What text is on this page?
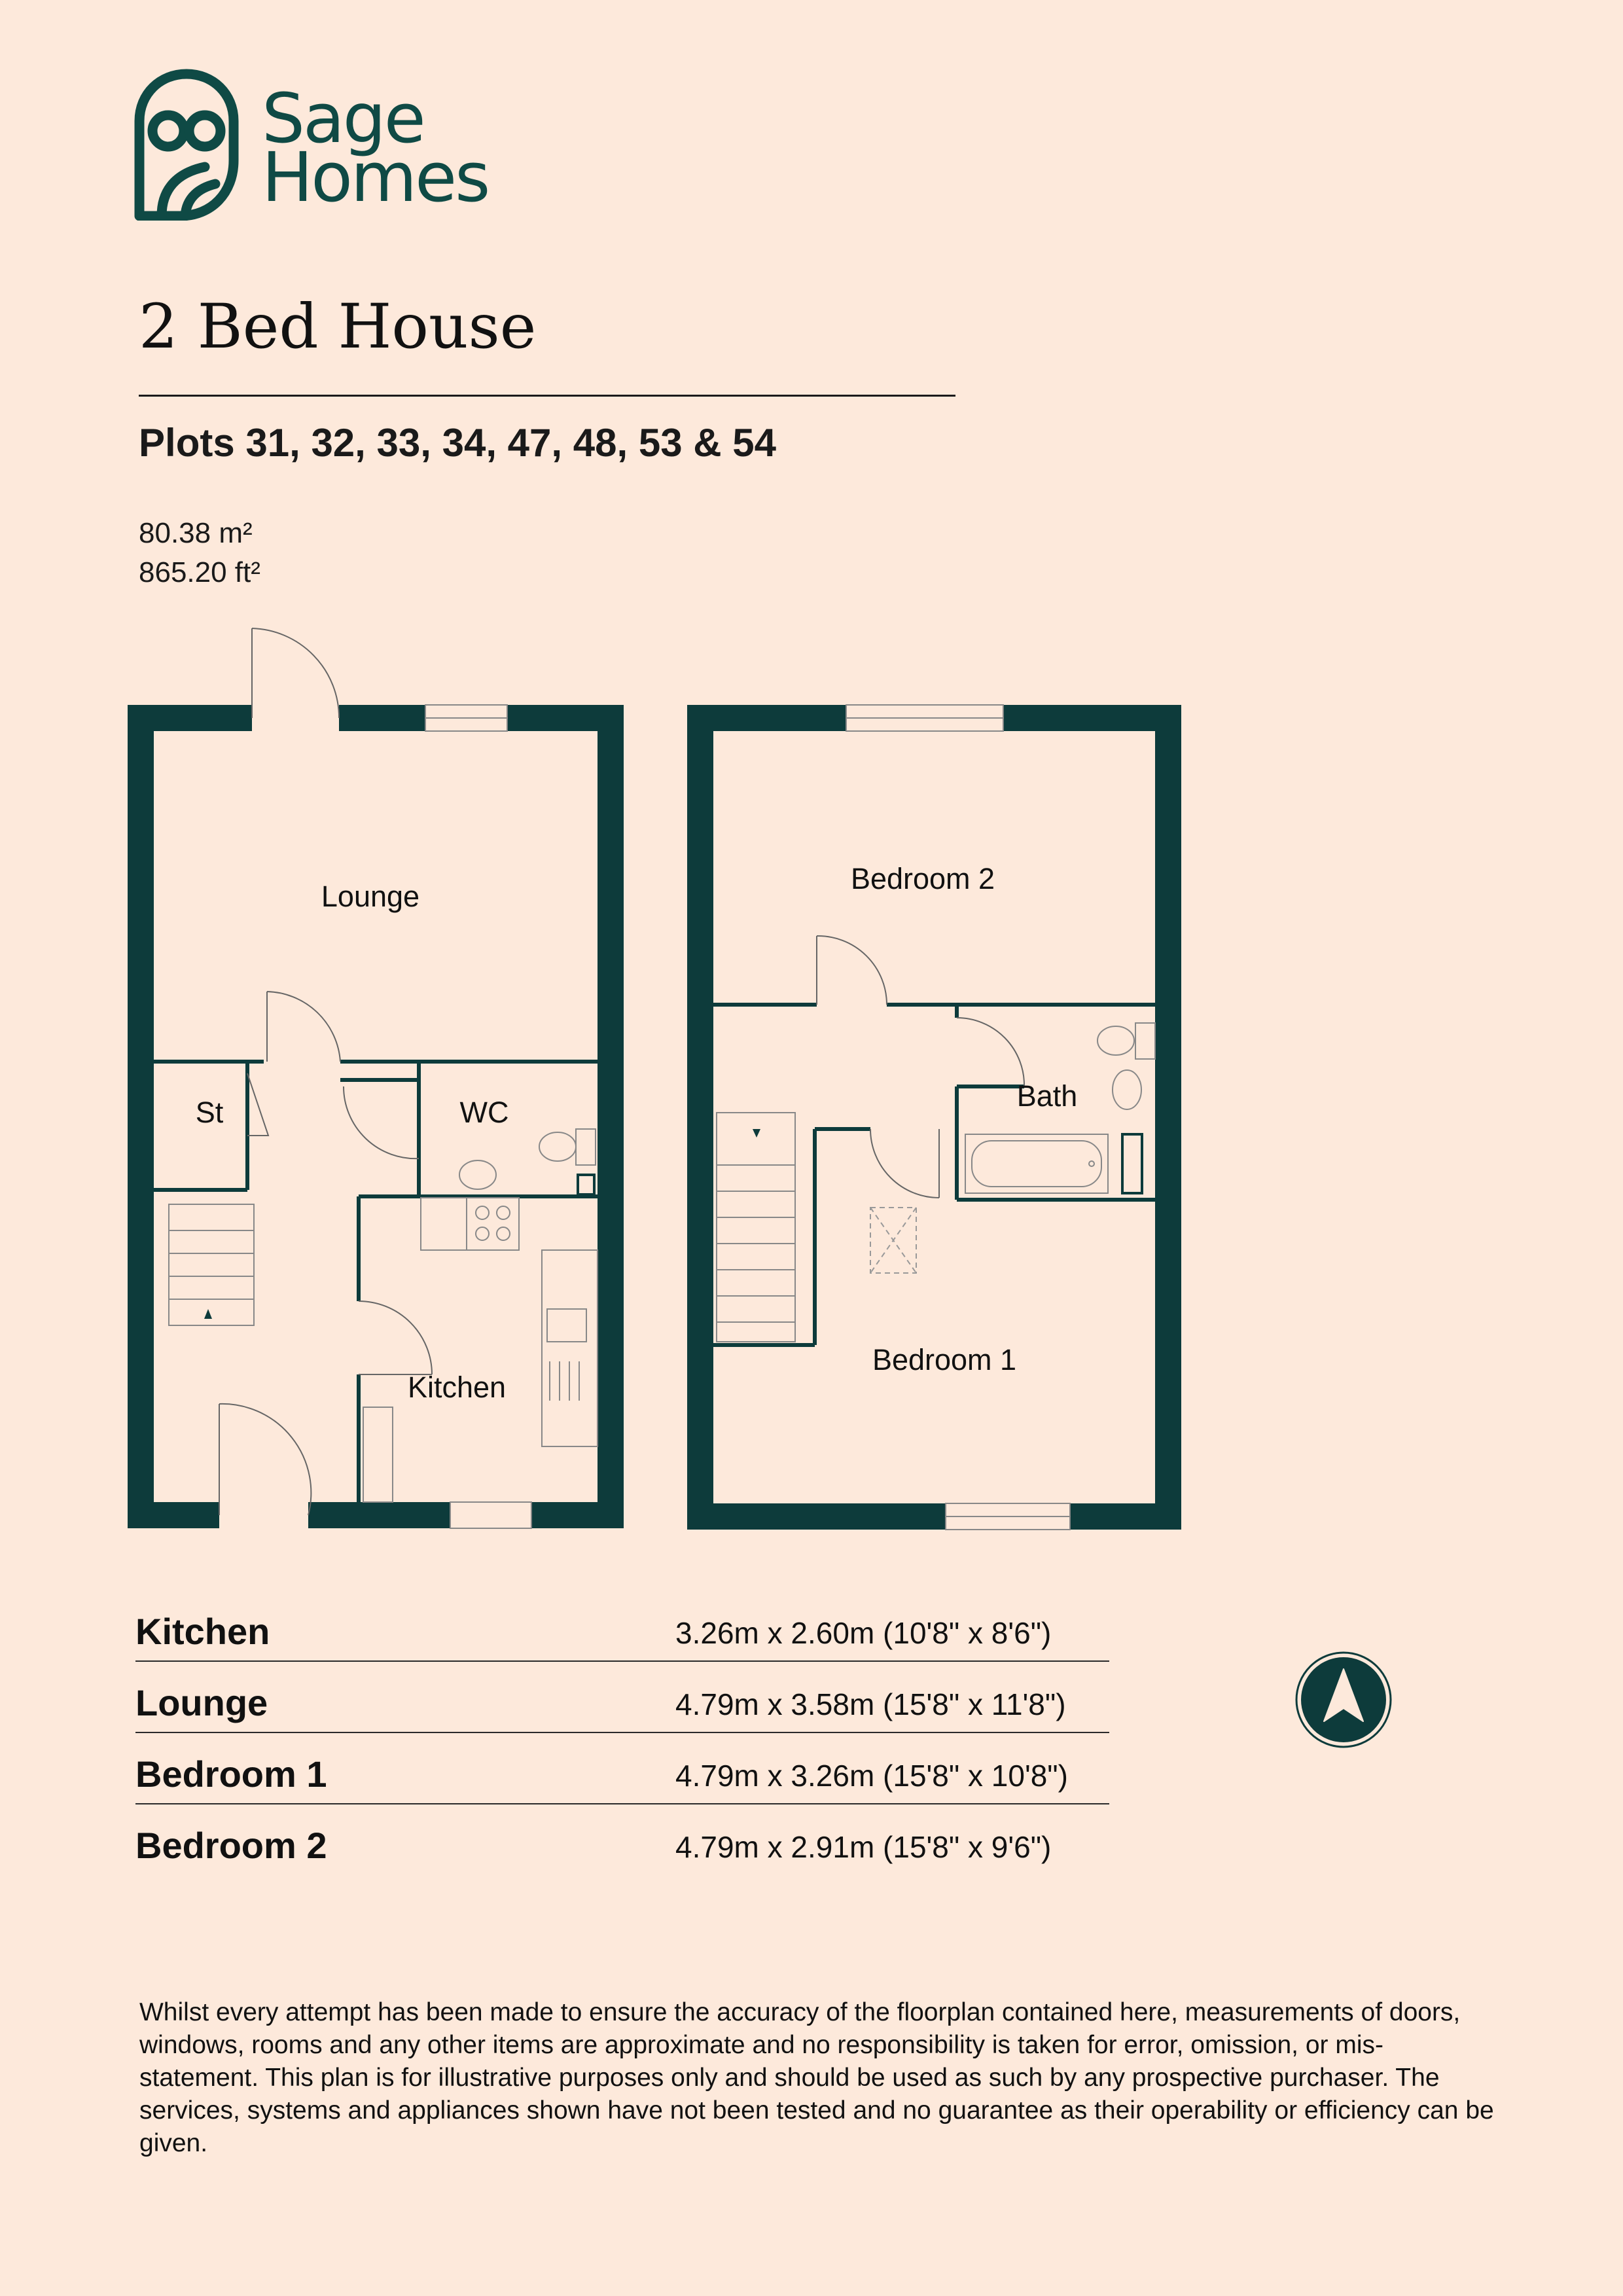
Sage
Homes
2 Bed House
Plots 31, 32, 33, 34, 47, 48, 53 & 54
80.38 m²
865.20 ft²
Lounge
St	WC
Kitchen
Bedroom 2
Bath
Bedroom 1
Kitchen	3.26m x 2.60m (10'8" x 8'6")
Lounge	4.79m x 3.58m (15'8" x 11'8")
Bedroom 1	4.79m x 3.26m (15'8" x 10'8")
Bedroom 2	4.79m x 2.91m (15'8" x 9'6")
Whilst every attempt has been made to ensure the accuracy of the floorplan contained here, measurements of doors, windows, rooms and any other items are approximate and no responsibility is taken for error, omission, or mis-statement. This plan is for illustrative purposes only and should be used as such by any prospective purchaser. The services, systems and appliances shown have not been tested and no guarantee as their operability or efficiency can be given.
